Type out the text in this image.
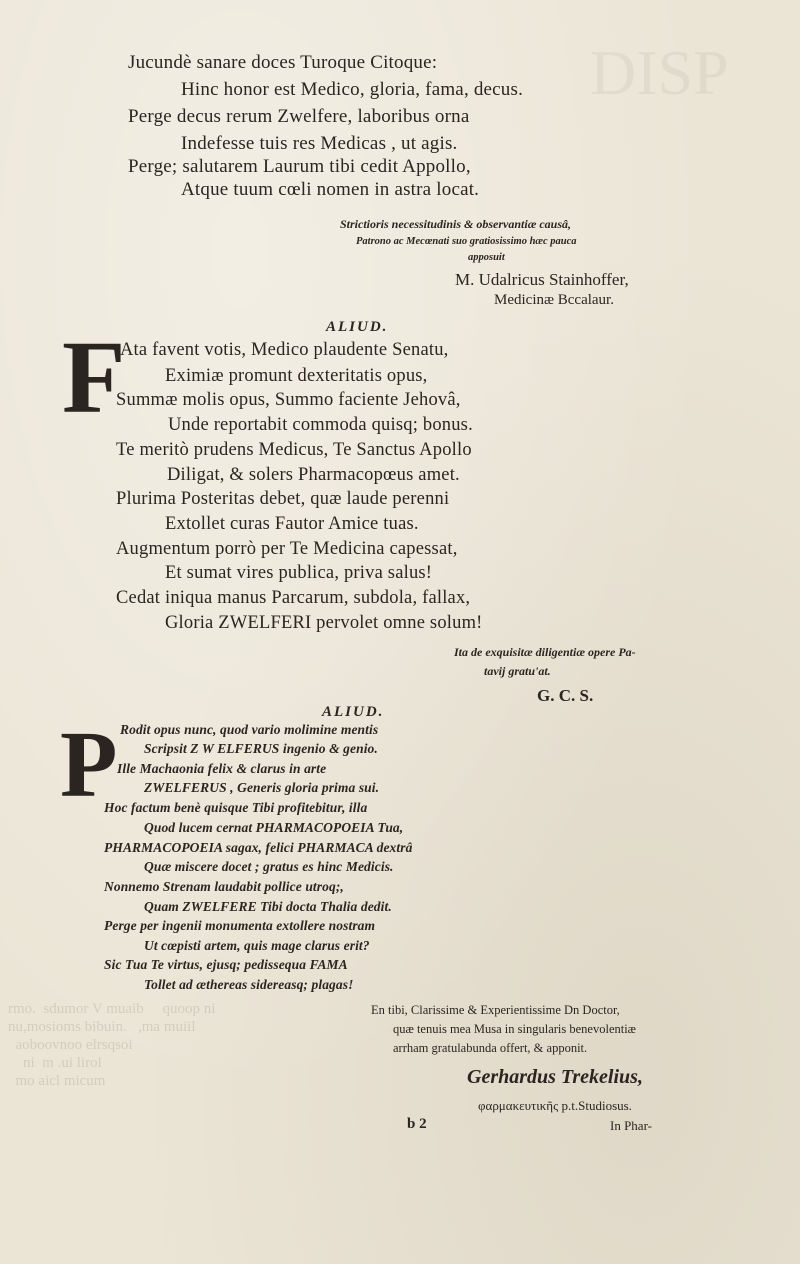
DISP
rmo.  sdumor V muaib     quoop ni
nu,mosioms bibuin.   ,ma muiil
aoboovnoo elrsqsoi
ni  m .ui lirol
mo aicl micum
Jucundè sanare doces Turoque Citoque:
Hinc honor est Medico, gloria, fama, decus.
Perge decus rerum Zwelfere, laboribus orna
Indefesse tuis res Medicas , ut agis.
Perge; salutarem Laurum tibi cedit Appollo,
Atque tuum cœli nomen in astra locat.
Strictioris necessitudinis & observantiæ causâ,
Patrono ac Mecœnati suo gratiosissimo hæc pauca
apposuit
M. Udalricus Stainhoffer,
Medicinæ Bccalaur.
ALIUD.
F
Ata favent votis, Medico plaudente Senatu,
Eximiæ promunt dexteritatis opus,
Summæ molis opus, Summo faciente Jehovâ,
Unde reportabit commoda quisq; bonus.
Te meritò prudens Medicus, Te Sanctus Apollo
Diligat, & solers Pharmacopœus amet.
Plurima Posteritas debet, quæ laude perenni
Extollet curas Fautor Amice tuas.
Augmentum porrò per Te Medicina capessat,
Et sumat vires publica, priva salus!
Cedat iniqua manus Parcarum, subdola, fallax,
Gloria ZWELFERI pervolet omne solum!
Ita de exquisitæ diligentiæ opere Pa-
tavij gratu'at.
G. C. S.
ALIUD.
P Rodit opus nunc, quod vario molimine mentis
Scripsit Z W ELFERUS ingenio & genio.
Ille Machaonia felix & clarus in arte
ZWELFERUS , Generis gloria prima sui.
Hoc factum benè quisque Tibi profitebitur, illa
Quod lucem cernat PHARMACOPOEIA Tua,
PHARMACOPOEIA sagax, felici PHARMACA dextrâ
Quæ miscere docet ; gratus es hinc Medicis.
Nonnemo Strenam laudabit pollice utroq;,
Quam ZWELFERE Tibi docta Thalia dedit.
Perge per ingenii monumenta extollere nostram
Ut cœpisti artem, quis mage clarus erit?
Sic Tua Te virtus, ejusq; pedissequa FAMA
Tollet ad æthereas sidereasq; plagas!
En tibi, Clarissime & Experientissime Dn Doctor,
quæ tenuis mea Musa in singularis benevolentiæ
arrham gratulabunda offert, & apponit.
Gerhardus Trekelius,
φαρμακευτικῆς p.t.Studiosus.
b 2	In Phar-
